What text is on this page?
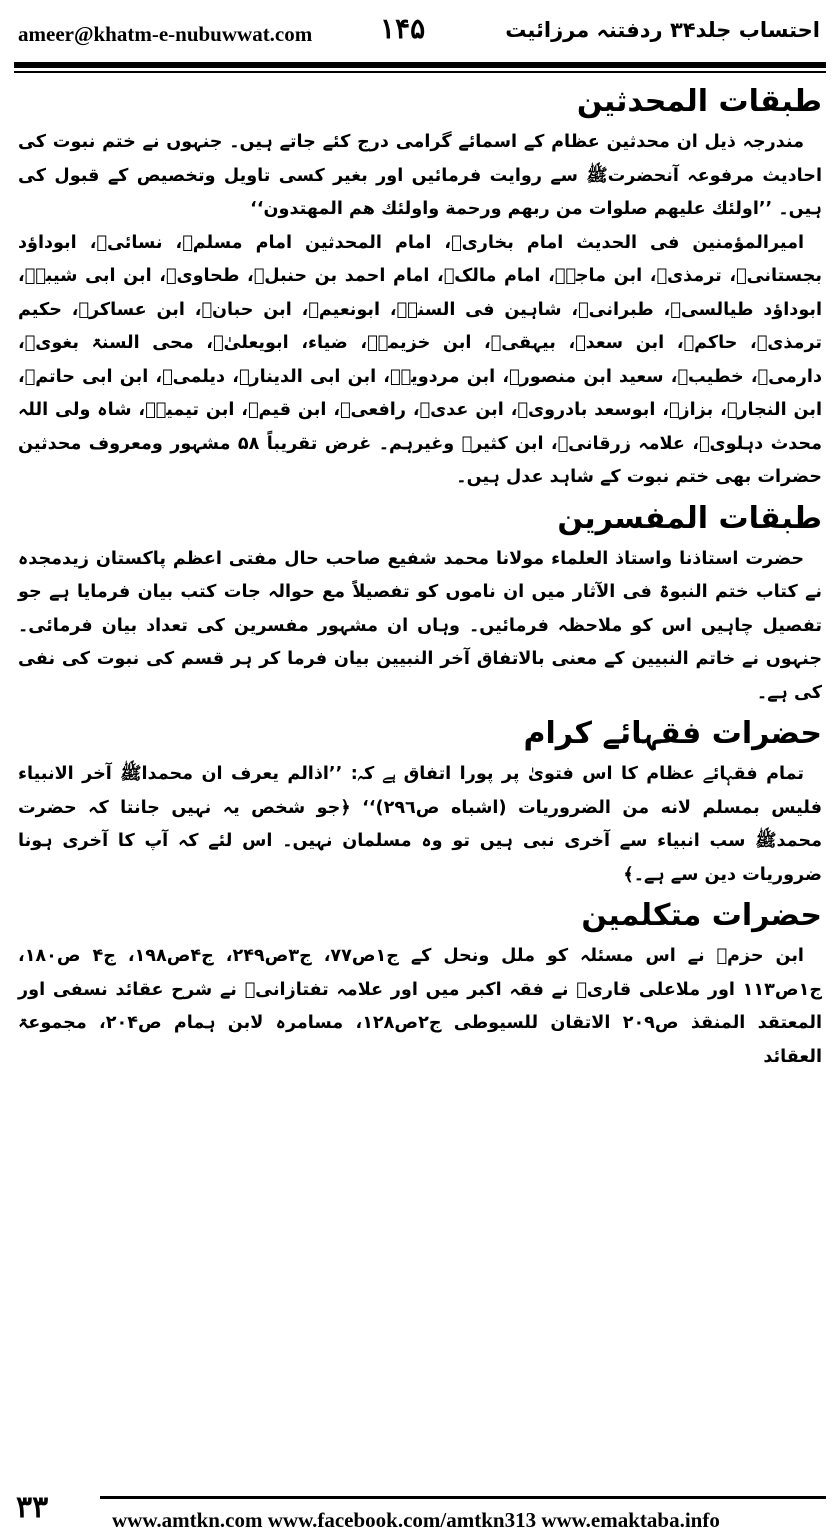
ameer@khatm-e-nubuwwat.com ۱۴۵	احتساب جلد۳۴ ردفتنہ مرزائیت
طبقات المحدثین

مندرجہ ذیل ان محدثین عظام کے اسمائے گرامی درج کئے جاتے ہیں۔ جنہوں نے ختم نبوت کی احادیث مرفوعہ آنحضرتﷺ سے روایت فرمائیں اور بغیر کسی تاویل وتخصیص کے قبول کی ہیں۔ ’’اولئك عليهم صلوات من ربهم ورحمة واولئك هم المهتدون‘‘

امیرالمؤمنین فی الحدیث امام بخاریؒ، امام المحدثین امام مسلمؒ، نسائیؒ، ابوداؤد بجستانیؒ، ترمذیؒ، ابن ماجہؒ، امام مالکؒ، امام احمد بن حنبلؒ، طحاویؒ، ابن ابی شیبہؒ، ابوداؤد طیالسیؒ، طبرانیؒ، شاہین فی السنۃؒ، ابونعیمؒ، ابن حبانؒ، ابن عساکرؒ، حکیم ترمذیؒ، حاکمؒ، ابن سعدؒ، بیہقیؒ، ابن خزیمہؒ، ضیاء، ابویعلیٰؒ، محی السنۃ بغویؒ، دارمیؒ، خطیبؒ، سعید ابن منصورؒ، ابن مردویہؒ، ابن ابی الدینارؒ، دیلمیؒ، ابن ابی حاتمؒ، ابن النجارؒ، بزازؒ، ابوسعد بادرویؒ، ابن عدیؒ، رافعیؒ، ابن قیمؒ، ابن تیمیہؒ، شاہ ولی اللہ محدث دہلویؒ، علامہ زرقانیؒ، ابن کثیرؒ وغیرہم۔ غرض تقریباً ۵۸ مشہور ومعروف محدثین حضرات بھی ختم نبوت کے شاہد عدل ہیں۔

طبقات المفسرین

حضرت استاذنا واستاذ العلماء مولانا محمد شفیع صاحب حال مفتی اعظم پاکستان زیدمجدہ نے کتاب ختم النبوۃ فی الآثار میں ان ناموں کو تفصیلاً مع حوالہ جات کتب بیان فرمایا ہے جو تفصیل چاہیں اس کو ملاحظہ فرمائیں۔ وہاں ان مشہور مفسرین کی تعداد بیان فرمائی۔ جنہوں نے خاتم النبیین کے معنی بالاتفاق آخر النبیین بیان فرما کر ہر قسم کی نبوت کی نفی کی ہے۔

حضرات فقہائے کرام

تمام فقہائے عظام کا اس فتویٰ پر پورا اتفاق ہے کہ: ’’اذالم يعرف ان محمداﷺ آخر الانبياء فليس بمسلم لانه من الضروريات (اشباه ص٢٩٦)‘‘ ﴿جو شخص یہ نہیں جانتا کہ حضرت محمدﷺ سب انبیاء سے آخری نبی ہیں تو وہ مسلمان نہیں۔ اس لئے کہ آپ کا آخری ہونا ضروریات دین سے ہے۔﴾

حضرات متکلمین

ابن حزمؒ نے اس مسئلہ کو ملل ونحل کے ج۱ص۷۷، ج۳ص۲۴۹، ج۴ص۱۹۸، ج۴ ص۱۸۰، ج۱ص۱۱۳ اور ملاعلی قاریؒ نے فقہ اکبر میں اور علامہ تفتازانیؒ نے شرح عقائد نسفی اور المعتقد المنقذ ص۲۰۹ الاتقان للسیوطی ج۲ص۱۲۸، مسامرہ لابن ہمام ص۲۰۴، مجموعۃ العقائد

۳۳	www.amtkn.com www.facebook.com/amtkn313 www.emaktaba.info
